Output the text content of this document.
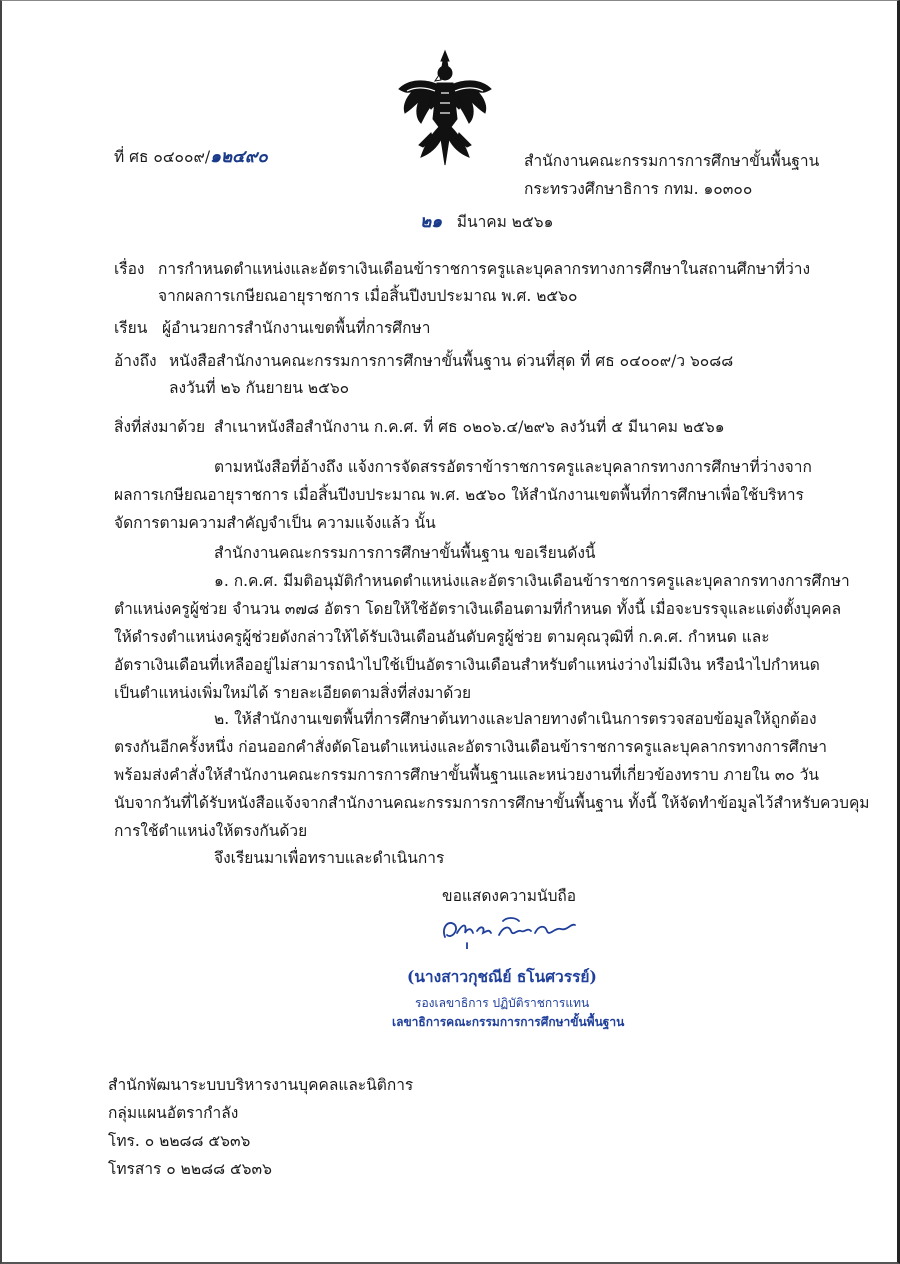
ที่ ศธ ๐๔๐๐๙/๑๒๔๙๐	สำนักงานคณะกรรมการการศึกษาขั้นพื้นฐาน
กระทรวงศึกษาธิการ กทม. ๑๐๓๐๐
๒๑ มีนาคม ๒๕๖๑
เรื่อง การกำหนดตำแหน่งและอัตราเงินเดือนข้าราชการครูและบุคลากรทางการศึกษาในสถานศึกษาที่ว่าง
จากผลการเกษียณอายุราชการ เมื่อสิ้นปีงบประมาณ พ.ศ. ๒๕๖๐
เรียน ผู้อำนวยการสำนักงานเขตพื้นที่การศึกษา
อ้างถึง หนังสือสำนักงานคณะกรรมการการศึกษาขั้นพื้นฐาน ด่วนที่สุด ที่ ศธ ๐๔๐๐๙/ว ๖๐๘๘
ลงวันที่ ๒๖ กันยายน ๒๕๖๐
สิ่งที่ส่งมาด้วย สำเนาหนังสือสำนักงาน ก.ค.ศ. ที่ ศธ ๐๒๐๖.๔/๒๙๖ ลงวันที่ ๕ มีนาคม ๒๕๖๑
ตามหนังสือที่อ้างถึง แจ้งการจัดสรรอัตราข้าราชการครูและบุคลากรทางการศึกษาที่ว่างจาก
ผลการเกษียณอายุราชการ เมื่อสิ้นปีงบประมาณ พ.ศ. ๒๕๖๐ ให้สำนักงานเขตพื้นที่การศึกษาเพื่อใช้บริหาร
จัดการตามความสำคัญจำเป็น ความแจ้งแล้ว นั้น
สำนักงานคณะกรรมการการศึกษาขั้นพื้นฐาน ขอเรียนดังนี้
๑. ก.ค.ศ. มีมติอนุมัติกำหนดตำแหน่งและอัตราเงินเดือนข้าราชการครูและบุคลากรทางการศึกษา
ตำแหน่งครูผู้ช่วย จำนวน ๓๗๘ อัตรา โดยให้ใช้อัตราเงินเดือนตามที่กำหนด ทั้งนี้ เมื่อจะบรรจุและแต่งตั้งบุคคล
ให้ดำรงตำแหน่งครูผู้ช่วยดังกล่าวให้ได้รับเงินเดือนอันดับครูผู้ช่วย ตามคุณวุฒิที่ ก.ค.ศ. กำหนด และ
อัตราเงินเดือนที่เหลืออยู่ไม่สามารถนำไปใช้เป็นอัตราเงินเดือนสำหรับตำแหน่งว่างไม่มีเงิน หรือนำไปกำหนด
เป็นตำแหน่งเพิ่มใหม่ได้ รายละเอียดตามสิ่งที่ส่งมาด้วย
๒. ให้สำนักงานเขตพื้นที่การศึกษาต้นทางและปลายทางดำเนินการตรวจสอบข้อมูลให้ถูกต้อง
ตรงกันอีกครั้งหนึ่ง ก่อนออกคำสั่งตัดโอนตำแหน่งและอัตราเงินเดือนข้าราชการครูและบุคลากรทางการศึกษา
พร้อมส่งคำสั่งให้สำนักงานคณะกรรมการการศึกษาขั้นพื้นฐานและหน่วยงานที่เกี่ยวข้องทราบ ภายใน ๓๐ วัน
นับจากวันที่ได้รับหนังสือแจ้งจากสำนักงานคณะกรรมการการศึกษาขั้นพื้นฐาน ทั้งนี้ ให้จัดทำข้อมูลไว้สำหรับควบคุม
การใช้ตำแหน่งให้ตรงกันด้วย
จึงเรียนมาเพื่อทราบและดำเนินการ
ขอแสดงความนับถือ
(นางสาวกุชณีย์ ธโนศวรรย์)
รองเลขาธิการ ปฏิบัติราชการแทน
เลขาธิการคณะกรรมการการศึกษาขั้นพื้นฐาน
สำนักพัฒนาระบบบริหารงานบุคคลและนิติการ
กลุ่มแผนอัตรากำลัง
โทร. ๐ ๒๒๘๘ ๕๖๓๖
โทรสาร ๐ ๒๒๘๘ ๕๖๓๖
